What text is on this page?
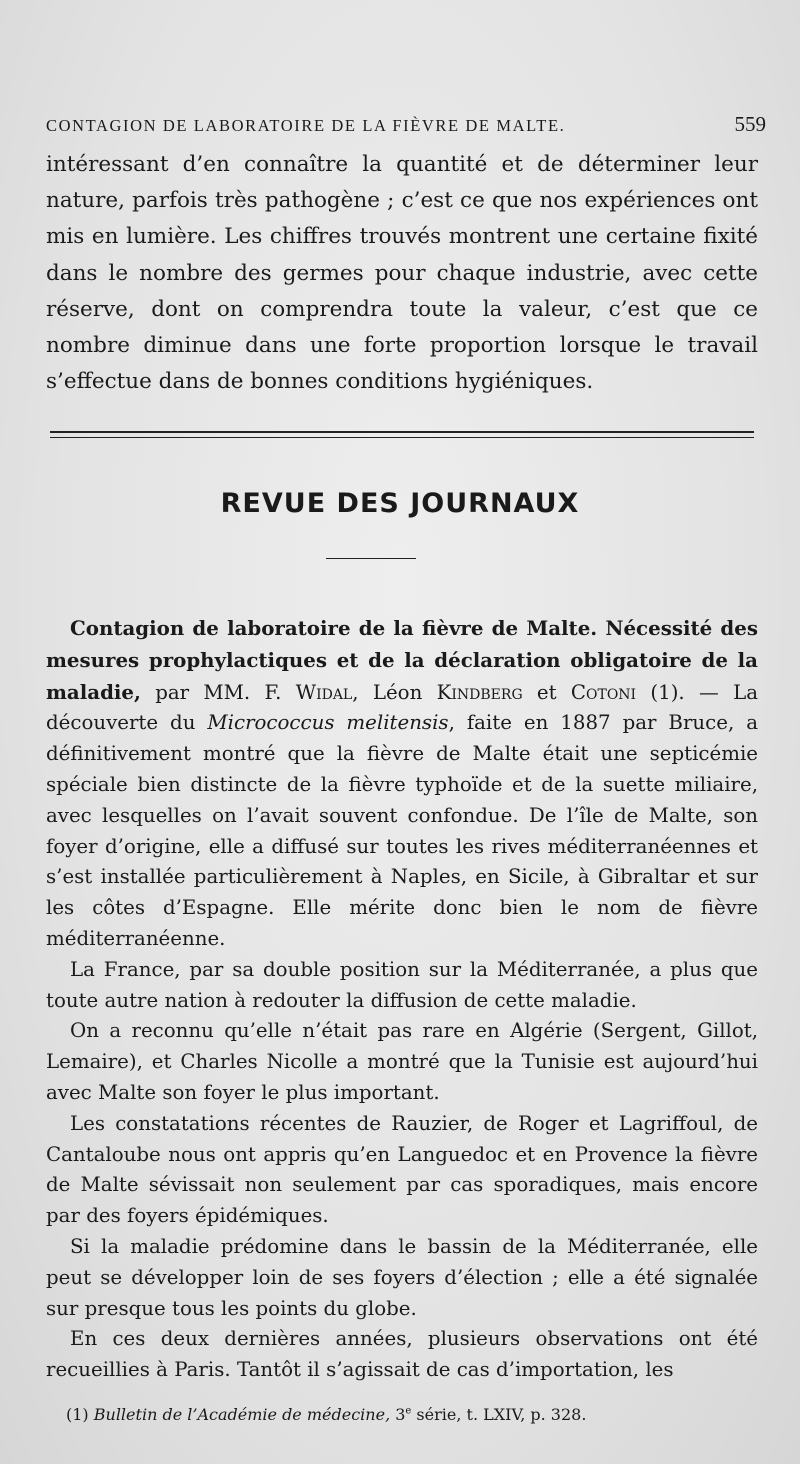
CONTAGION DE LABORATOIRE DE LA FIÈVRE DE MALTE.	559

intéressant d’en connaître la quantité et de déterminer leur nature, parfois très pathogène ; c’est ce que nos expériences ont mis en lumière. Les chiffres trouvés montrent une certaine fixité dans le nombre des germes pour chaque industrie, avec cette réserve, dont on comprendra toute la valeur, c’est que ce nombre diminue dans une forte proportion lorsque le travail s’effectue dans de bonnes conditions hygiéniques.

REVUE DES JOURNAUX

Contagion de laboratoire de la fièvre de Malte. Nécessité des mesures prophylactiques et de la déclaration obligatoire de la maladie, par MM. F. Widal, Léon Kindberg et Cotoni (1). — La découverte du Micrococcus melitensis, faite en 1887 par Bruce, a définitivement montré que la fièvre de Malte était une septicémie spéciale bien distincte de la fièvre typhoïde et de la suette miliaire, avec lesquelles on l’avait souvent confondue. De l’île de Malte, son foyer d’origine, elle a diffusé sur toutes les rives méditerranéennes et s’est installée particulièrement à Naples, en Sicile, à Gibraltar et sur les côtes d’Espagne. Elle mérite donc bien le nom de fièvre méditerranéenne.

La France, par sa double position sur la Méditerranée, a plus que toute autre nation à redouter la diffusion de cette maladie.

On a reconnu qu’elle n’était pas rare en Algérie (Sergent, Gillot, Lemaire), et Charles Nicolle a montré que la Tunisie est aujourd’hui avec Malte son foyer le plus important.

Les constatations récentes de Rauzier, de Roger et Lagriffoul, de Cantaloube nous ont appris qu’en Languedoc et en Provence la fièvre de Malte sévissait non seulement par cas sporadiques, mais encore par des foyers épidémiques.

Si la maladie prédomine dans le bassin de la Méditerranée, elle peut se développer loin de ses foyers d’élection ; elle a été signalée sur presque tous les points du globe.

En ces deux dernières années, plusieurs observations ont été recueillies à Paris. Tantôt il s’agissait de cas d’importation, les

(1) Bulletin de l’Académie de médecine, 3e série, t. LXIV, p. 328.
